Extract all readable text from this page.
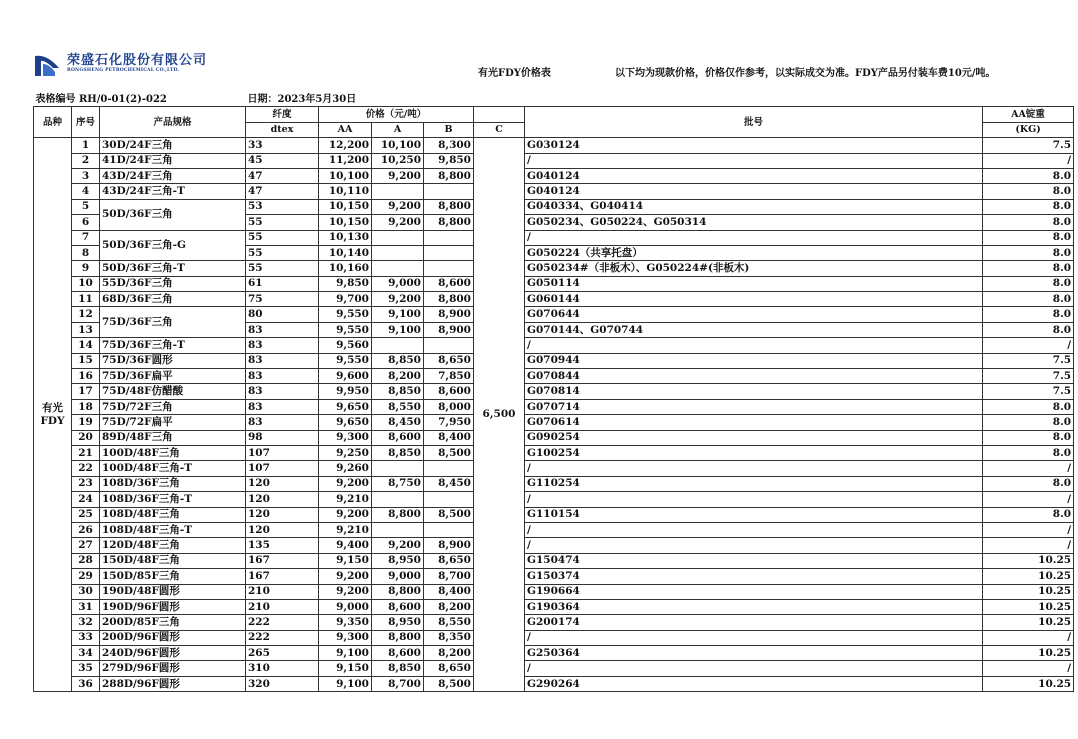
荣盛石化股份有限公司
RONGSHENG PETROCHEMICAL CO.,LTD.	有光FDY价格表	以下均为现款价格，价格仅作参考，以实际成交为准。FDY产品另付装车费10元/吨。
表格编号 RH/0-01(2)-022			日期：2023年5月30日						
品种	序号	产品规格	纤度	价格（元/吨）				批号	AA锭重
			dtex	AA	A	B	C		(KG)
有光
FDY	1	30D/24F三角	33	12,200	10,100	8,300	6,500	G030124	7.5
	2	41D/24F三角	45	11,200	10,250	9,850		/	/
	3	43D/24F三角	47	10,100	9,200	8,800		G040124	8.0
	4	43D/24F三角-T	47	10,110				G040124	8.0
	5	50D/36F三角	53	10,150	9,200	8,800		G040334、G040414	8.0
	6		55	10,150	9,200	8,800		G050234、G050224、G050314	8.0
	7	50D/36F三角-G	55	10,130				/	8.0
	8		55	10,140				G050224（共享托盘）	8.0
	9	50D/36F三角-T	55	10,160				G050234#（非板木）、G050224#(非板木)	8.0
	10	55D/36F三角	61	9,850	9,000	8,600		G050114	8.0
	11	68D/36F三角	75	9,700	9,200	8,800		G060144	8.0
	12	75D/36F三角	80	9,550	9,100	8,900		G070644	8.0
	13		83	9,550	9,100	8,900		G070144、G070744	8.0
	14	75D/36F三角-T	83	9,560				/	/
	15	75D/36F圆形	83	9,550	8,850	8,650		G070944	7.5
	16	75D/36F扁平	83	9,600	8,200	7,850		G070844	7.5
	17	75D/48F仿醋酸	83	9,950	8,850	8,600		G070814	7.5
	18	75D/72F三角	83	9,650	8,550	8,000		G070714	8.0
	19	75D/72F扁平	83	9,650	8,450	7,950		G070614	8.0
	20	89D/48F三角	98	9,300	8,600	8,400		G090254	8.0
	21	100D/48F三角	107	9,250	8,850	8,500		G100254	8.0
	22	100D/48F三角-T	107	9,260				/	/
	23	108D/36F三角	120	9,200	8,750	8,450		G110254	8.0
	24	108D/36F三角-T	120	9,210				/	/
	25	108D/48F三角	120	9,200	8,800	8,500		G110154	8.0
	26	108D/48F三角-T	120	9,210				/	/
	27	120D/48F三角	135	9,400	9,200	8,900		/	/
	28	150D/48F三角	167	9,150	8,950	8,650		G150474	10.25
	29	150D/85F三角	167	9,200	9,000	8,700		G150374	10.25
	30	190D/48F圆形	210	9,200	8,800	8,400		G190664	10.25
	31	190D/96F圆形	210	9,000	8,600	8,200		G190364	10.25
	32	200D/85F三角	222	9,350	8,950	8,550		G200174	10.25
	33	200D/96F圆形	222	9,300	8,800	8,350		/	/
	34	240D/96F圆形	265	9,100	8,600	8,200		G250364	10.25
	35	279D/96F圆形	310	9,150	8,850	8,650		/	/
	36	288D/96F圆形	320	9,100	8,700	8,500		G290264	10.25
